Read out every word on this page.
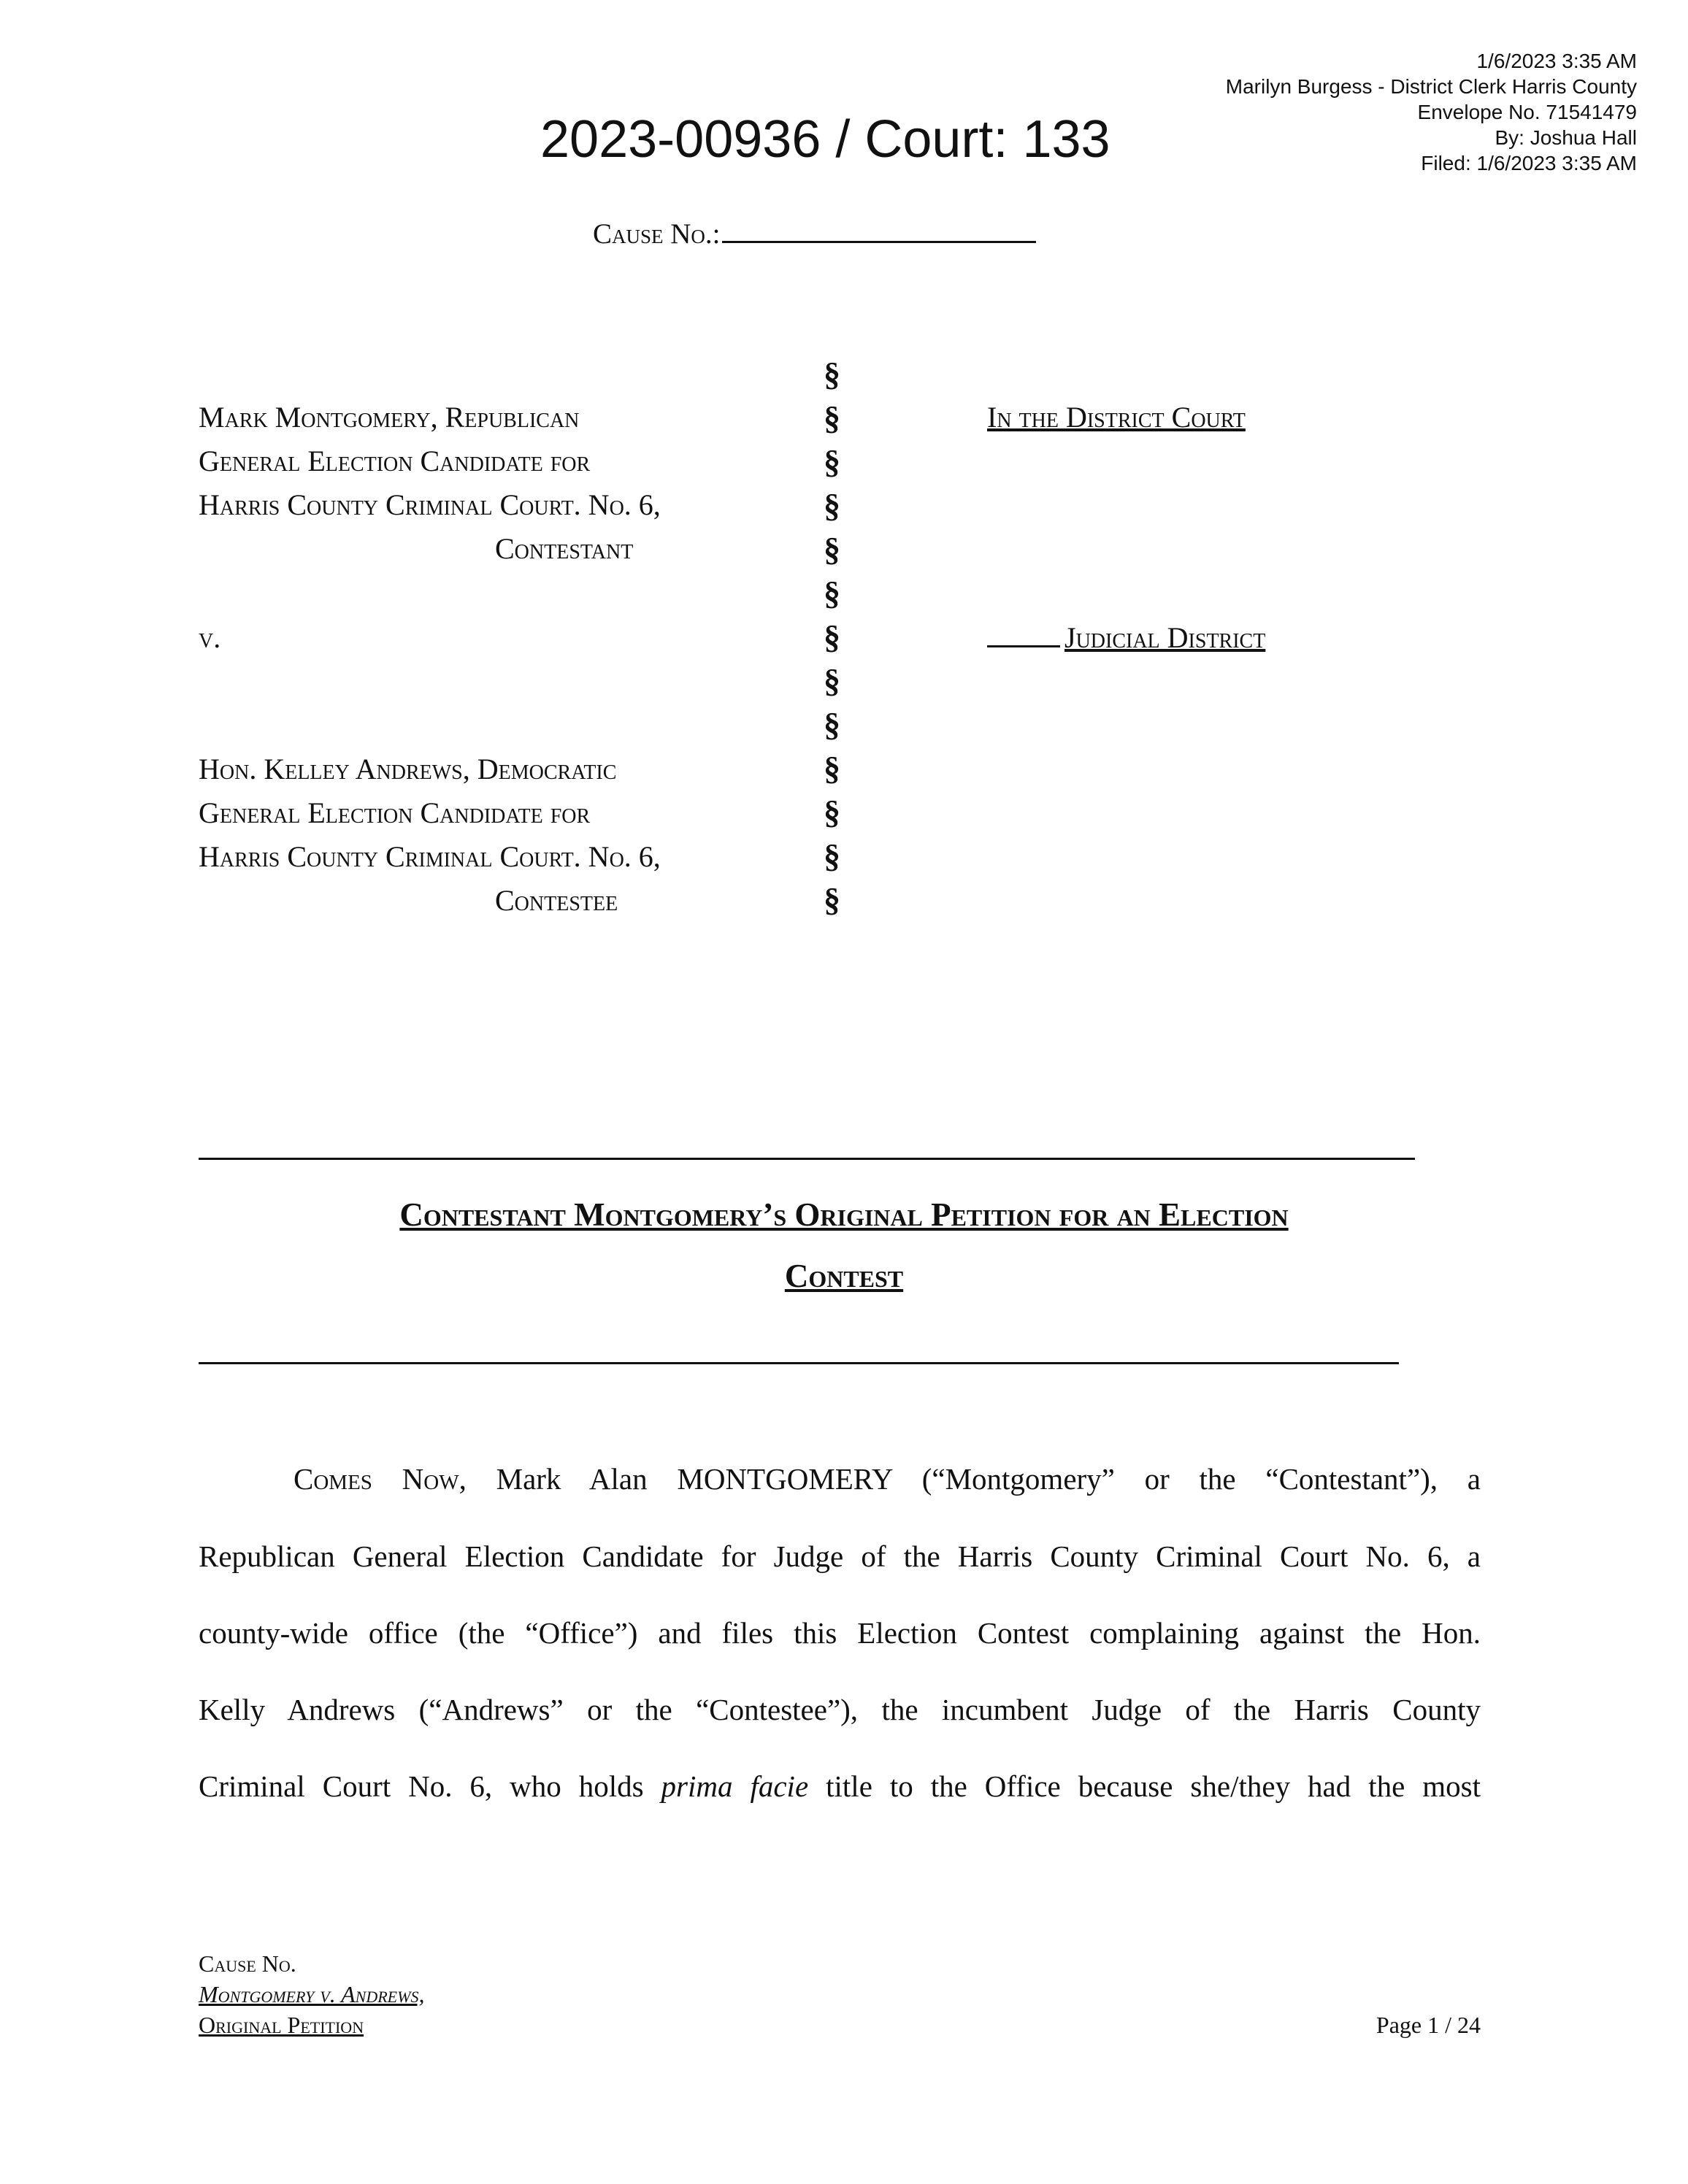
1/6/2023 3:35 AM
Marilyn Burgess - District Clerk Harris County
Envelope No. 71541479
By: Joshua Hall
Filed: 1/6/2023 3:35 AM
2023-00936 / Court: 133
Cause No.:
Mark Montgomery, Republican
General Election Candidate for
Harris County Criminal Court. No. 6,
Contestant
v.
Hon. Kelley Andrews, Democratic
General Election Candidate for
Harris County Criminal Court. No. 6,
Contestee
§
§
§
§
§
§
§
§
§
§
§
§
§
In the District Court
Judicial District
Contestant Montgomery’s Original Petition for an Election
Contest
Comes Now, Mark Alan MONTGOMERY (“Montgomery” or the “Contestant”), a
Republican General Election Candidate for Judge of the Harris County Criminal Court No. 6, a
county-wide office (the “Office”) and files this Election Contest complaining against the Hon.
Kelly Andrews (“Andrews” or the “Contestee”), the incumbent Judge of the Harris County
Criminal Court No. 6, who holds prima facie title to the Office because she/they had the most
Cause No.
Montgomery v. Andrews,
Original Petition	Page 1 / 24
